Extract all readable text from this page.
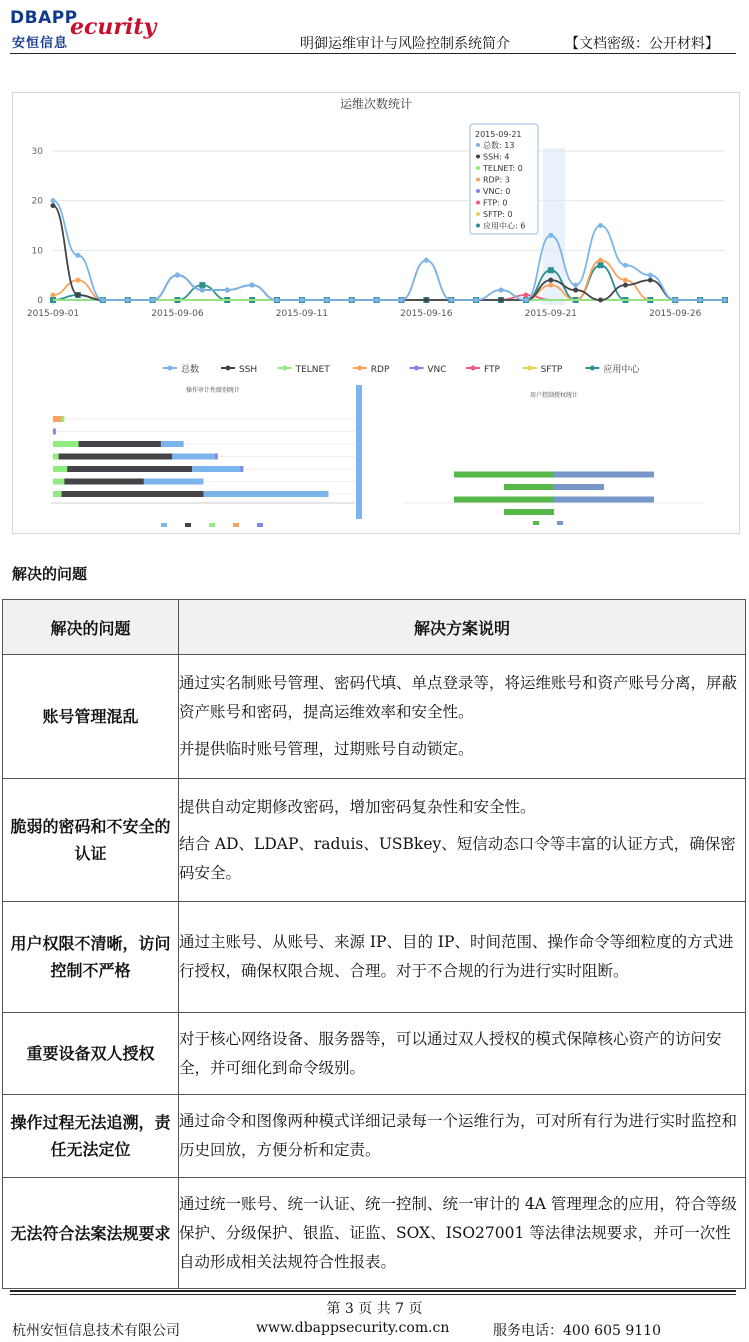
DBAPP
ecurity
安恒信息	明御运维审计与风险控制系统简介	【文档密级：公开材料】
运维次数统计
0
10
20
30
2015-09-01	2015-09-06	2015-09-11	2015-09-16	2015-09-21	2015-09-26
总数	SSH	TELNET	RDP	VNC	FTP	SFTP	应用中心
2015-09-21
总数: 13
SSH: 4
TELNET: 0
RDP: 3
VNC: 0
FTP: 0
SFTP: 0
应用中心: 6
操作审计性级别统计
用户控制授权统计
解决的问题
解决的问题	解决方案说明
账号管理混乱	通过实名制账号管理、密码代填、单点登录等，将运维账号和资产账号分离，屏蔽资产账号和密码，提高运维效率和安全性。

并提供临时账号管理，过期账号自动锁定。

脆弱的密码和不安全的认证	提供自动定期修改密码，增加密码复杂性和安全性。

结合 AD、LDAP、raduis、USBkey、短信动态口令等丰富的认证方式，确保密码安全。

用户权限不清晰，访问控制不严格	通过主账号、从账号、来源 IP、目的 IP、时间范围、操作命令等细粒度的方式进行授权，确保权限合规、合理。对于不合规的行为进行实时阻断。

重要设备双人授权	对于核心网络设备、服务器等，可以通过双人授权的模式保障核心资产的访问安全，并可细化到命令级别。

操作过程无法追溯，责任无法定位	通过命令和图像两种模式详细记录每一个运维行为，可对所有行为进行实时监控和历史回放，方便分析和定责。

无法符合法案法规要求	通过统一账号、统一认证、统一控制、统一审计的 4A 管理理念的应用，符合等级保护、分级保护、银监、证监、SOX、ISO27001 等法律法规要求，并可一次性自动形成相关法规符合性报表。

第 3 页 共 7 页
杭州安恒信息技术有限公司	www.dbappsecurity.com.cn	服务电话：400 605 9110
